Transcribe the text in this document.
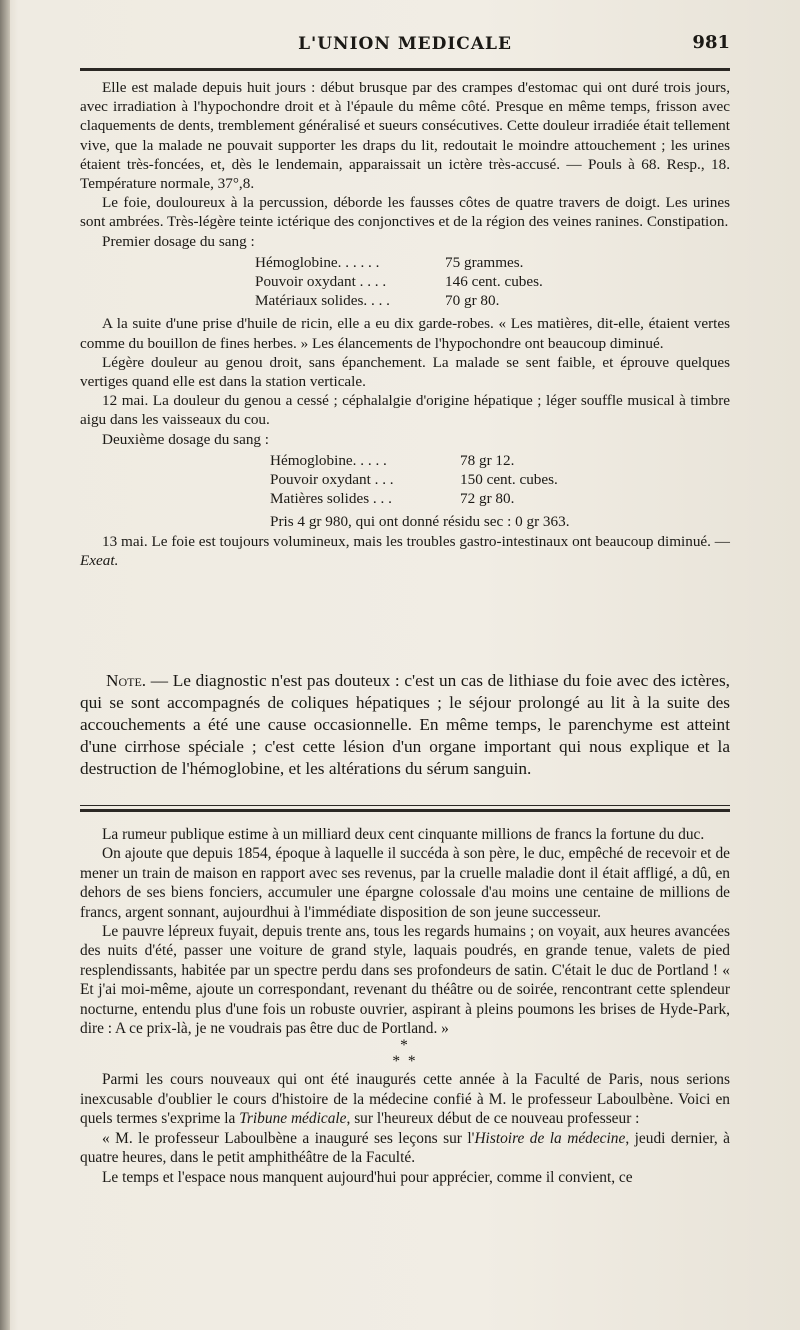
L'UNION MEDICALE	981

Elle est malade depuis huit jours : début brusque par des crampes d'estomac qui ont duré trois jours, avec irradiation à l'hypochondre droit et à l'épaule du même côté. Presque en même temps, frisson avec claquements de dents, tremblement généralisé et sueurs consécutives. Cette douleur irradiée était tellement vive, que la malade ne pouvait supporter les draps du lit, redoutait le moindre attouchement ; les urines étaient très-foncées, et, dès le lendemain, apparaissait un ictère très-accusé. — Pouls à 68. Resp., 18. Température normale, 37°,8.

Le foie, douloureux à la percussion, déborde les fausses côtes de quatre travers de doigt. Les urines sont ambrées. Très-légère teinte ictérique des conjonctives et de la région des veines ranines. Constipation.

Premier dosage du sang :

Hémoglobine. . . . . .	75 grammes.
Pouvoir oxydant . . . .	146 cent. cubes.
Matériaux solides. . . .	70 gr 80.

A la suite d'une prise d'huile de ricin, elle a eu dix garde-robes. « Les matières, dit-elle, étaient vertes comme du bouillon de fines herbes. » Les élancements de l'hypochondre ont beaucoup diminué.

Légère douleur au genou droit, sans épanchement. La malade se sent faible, et éprouve quelques vertiges quand elle est dans la station verticale.

12 mai. La douleur du genou a cessé ; céphalalgie d'origine hépatique ; léger souffle musical à timbre aigu dans les vaisseaux du cou.

Deuxième dosage du sang :

Hémoglobine. . . . .	78 gr 12.
Pouvoir oxydant . . .	150 cent. cubes.
Matières solides . . .	72 gr 80.

Pris 4 gr 980, qui ont donné résidu sec : 0 gr 363.

13 mai. Le foie est toujours volumineux, mais les troubles gastro-intestinaux ont beaucoup diminué. — Exeat.

Note. — Le diagnostic n'est pas douteux : c'est un cas de lithiase du foie avec des ictères, qui se sont accompagnés de coliques hépatiques ; le séjour prolongé au lit à la suite des accouchements a été une cause occasionnelle. En même temps, le parenchyme est atteint d'une cirrhose spéciale ; c'est cette lésion d'un organe important qui nous explique et la destruction de l'hémoglobine, et les altérations du sérum sanguin.

La rumeur publique estime à un milliard deux cent cinquante millions de francs la fortune du duc.

On ajoute que depuis 1854, époque à laquelle il succéda à son père, le duc, empêché de recevoir et de mener un train de maison en rapport avec ses revenus, par la cruelle maladie dont il était affligé, a dû, en dehors de ses biens fonciers, accumuler une épargne colossale d'au moins une centaine de millions de francs, argent sonnant, aujourdhui à l'immédiate disposition de son jeune successeur.

Le pauvre lépreux fuyait, depuis trente ans, tous les regards humains ; on voyait, aux heures avancées des nuits d'été, passer une voiture de grand style, laquais poudrés, en grande tenue, valets de pied resplendissants, habitée par un spectre perdu dans ses profondeurs de satin. C'était le duc de Portland ! « Et j'ai moi-même, ajoute un correspondant, revenant du théâtre ou de soirée, rencontrant cette splendeur nocturne, entendu plus d'une fois un robuste ouvrier, aspirant à pleins poumons les brises de Hyde-Park, dire : A ce prix-là, je ne voudrais pas être duc de Portland. »

*
* *

Parmi les cours nouveaux qui ont été inaugurés cette année à la Faculté de Paris, nous serions inexcusable d'oublier le cours d'histoire de la médecine confié à M. le professeur Laboulbène. Voici en quels termes s'exprime la Tribune médicale, sur l'heureux début de ce nouveau professeur :

« M. le professeur Laboulbène a inauguré ses leçons sur l'Histoire de la médecine, jeudi dernier, à quatre heures, dans le petit amphithéâtre de la Faculté.

Le temps et l'espace nous manquent aujourd'hui pour apprécier, comme il convient, ce
